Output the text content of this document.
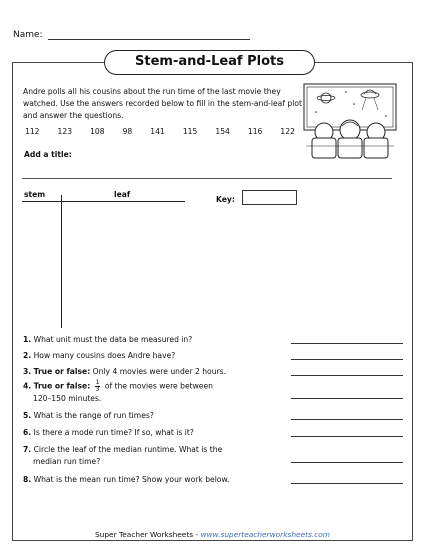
Name:
Stem-and-Leaf Plots
Andre polls all his cousins about the run time of the last movie they watched. Use the answers recorded below to fill in the stem-and-leaf plot and answer the questions.
112 123 108 98 141 115 154 116 122
Add a title:
stem	leaf
Key:
1. What unit must the data be measured in?
2. How many cousins does Andre have?
3. True or false: Only 4 movies were under 2 hours.
4. True or false: $\frac{1}{3}$ of the movies were between
120–150 minutes.
5. What is the range of run times?
6. Is there a mode run time? If so, what is it?
7. Circle the leaf of the median runtime. What is the
median run time?
8. What is the mean run time? Show your work below.
Super Teacher Worksheets - www.superteacherworksheets.com
